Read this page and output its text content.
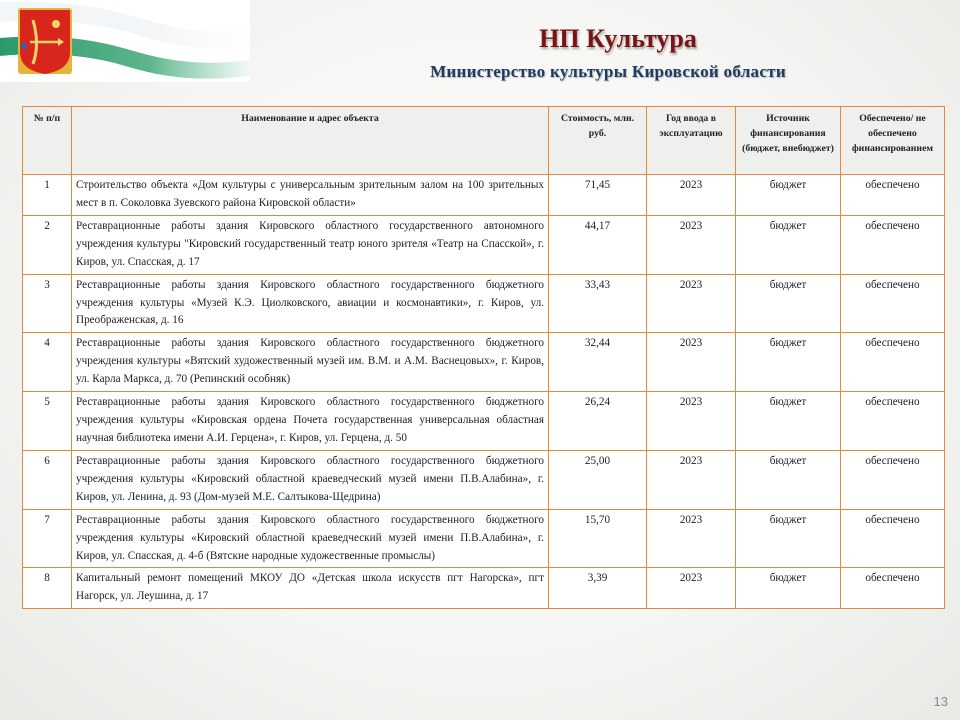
НП Культура
Министерство культуры Кировской области
№ п/п	Наименование и адрес объекта	Стоимость, млн. руб.	Год ввода в эксплуатацию	Источник финансирования (бюджет, внебюджет)	Обеспечено/ не обеспечено финансированием
1	Строительство объекта «Дом культуры с универсальным зрительным залом на 100 зрительных мест в п. Соколовка Зуевского района Кировской области»	71,45	2023	бюджет	обеспечено
2	Реставрационные работы здания Кировского областного государственного автономного учреждения культуры "Кировский государственный театр юного зрителя «Театр на Спасской», г. Киров, ул. Спасская, д. 17	44,17	2023	бюджет	обеспечено
3	Реставрационные работы здания Кировского областного государственного бюджетного учреждения культуры «Музей К.Э. Циолковского, авиации и космонавтики», г. Киров, ул. Преображенская, д. 16	33,43	2023	бюджет	обеспечено
4	Реставрационные работы здания Кировского областного государственного бюджетного учреждения культуры «Вятский художественный музей им. В.М. и А.М. Васнецовых», г. Киров, ул. Карла Маркса, д. 70 (Репинский особняк)	32,44	2023	бюджет	обеспечено
5	Реставрационные работы здания Кировского областного государственного бюджетного учреждения культуры «Кировская ордена Почета государственная универсальная областная научная библиотека имени А.И. Герцена», г. Киров, ул. Герцена, д. 50	26,24	2023	бюджет	обеспечено
6	Реставрационные работы здания Кировского областного государственного бюджетного учреждения культуры «Кировский областной краеведческий музей имени П.В.Алабина», г. Киров, ул. Ленина, д. 93 (Дом-музей М.Е. Салтыкова-Щедрина)	25,00	2023	бюджет	обеспечено
7	Реставрационные работы здания Кировского областного государственного бюджетного учреждения культуры «Кировский областной краеведческий музей имени П.В.Алабина», г. Киров, ул. Спасская, д. 4-б (Вятские народные художественные промыслы)	15,70	2023	бюджет	обеспечено
8	Капитальный ремонт помещений МКОУ ДО «Детская школа искусств пгт Нагорска», пгт Нагорск, ул. Леушина, д. 17	3,39	2023	бюджет	обеспечено
13
